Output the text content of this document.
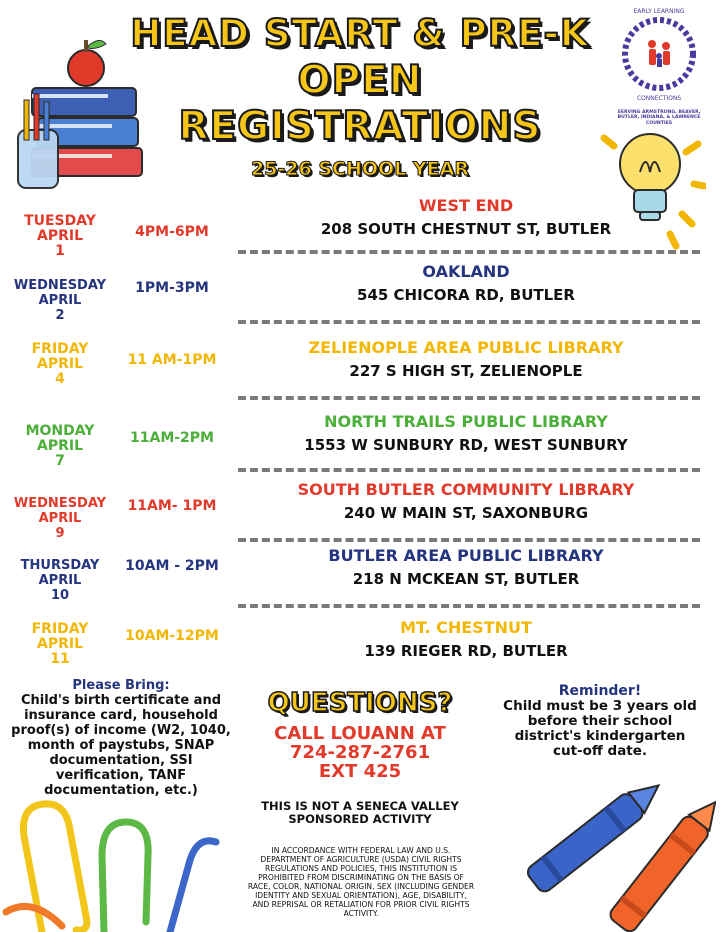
EARLY LEARNING
CONNECTIONS
SERVING ARMSTRONG, BEAVER, BUTLER, INDIANA, & LAWRENCE COUNTIES
HEAD START & PRE-K
OPEN
REGISTRATIONS
25-26 SCHOOL YEAR
TUESDAY
APRIL
1
4PM-6PM
WEST END
208 SOUTH CHESTNUT ST, BUTLER
WEDNESDAY
APRIL
2
1PM-3PM
OAKLAND
545 CHICORA RD, BUTLER
FRIDAY
APRIL
4
11 AM-1PM
ZELIENOPLE AREA PUBLIC LIBRARY
227 S HIGH ST, ZELIENOPLE
MONDAY
APRIL
7
11AM-2PM
NORTH TRAILS PUBLIC LIBRARY
1553 W SUNBURY RD, WEST SUNBURY
WEDNESDAY
APRIL
9
11AM- 1PM
SOUTH BUTLER COMMUNITY LIBRARY
240 W MAIN ST, SAXONBURG
THURSDAY
APRIL
10
10AM - 2PM
BUTLER AREA PUBLIC LIBRARY
218 N MCKEAN ST, BUTLER
FRIDAY
APRIL
11
10AM-12PM	MT. CHESTNUT
139 RIEGER RD, BUTLER
Please Bring:
Child's birth certificate and insurance card, household proof(s) of income (W2, 1040, month of paystubs, SNAP documentation, SSI verification, TANF documentation, etc.)
QUESTIONS?
CALL LOUANN AT
724-287-2761
EXT 425
THIS IS NOT A SENECA VALLEY SPONSORED ACTIVITY
IN ACCORDANCE WITH FEDERAL LAW AND U.S. DEPARTMENT OF AGRICULTURE (USDA) CIVIL RIGHTS REGULATIONS AND POLICIES, THIS INSTITUTION IS PROHIBITED FROM DISCRIMINATING ON THE BASIS OF RACE, COLOR, NATIONAL ORIGIN, SEX (INCLUDING GENDER IDENTITY AND SEXUAL ORIENTATION), AGE, DISABILITY, AND REPRISAL OR RETALIATION FOR PRIOR CIVIL RIGHTS ACTIVITY.
Reminder!
Child must be 3 years old before their school district's kindergarten cut-off date.
